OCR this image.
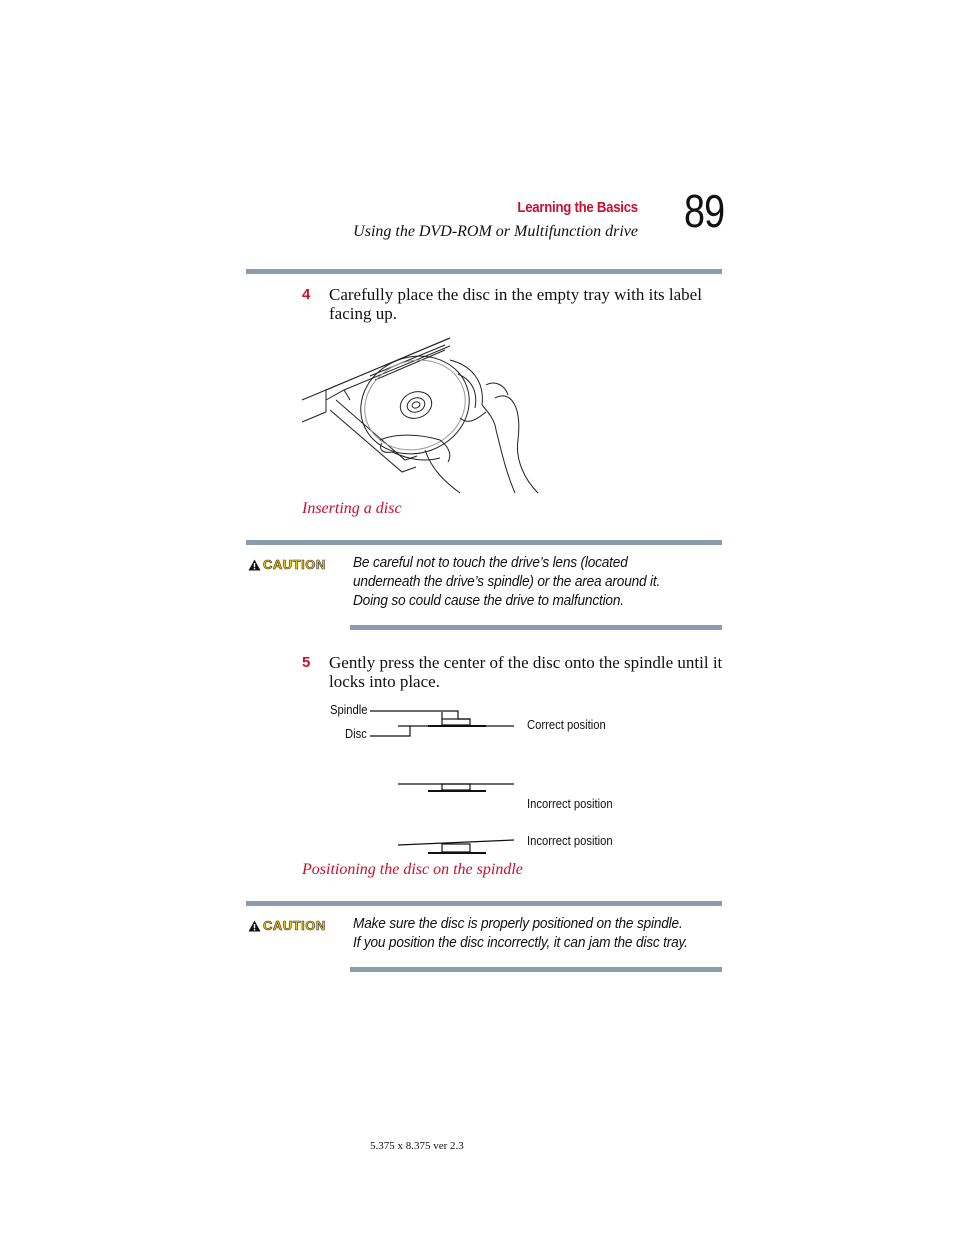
Learning the Basics
Using the DVD-ROM or Multifunction drive 89
4 Carefully place the disc in the empty tray with its label facing up.
Inserting a disc
CAUTION Be careful not to touch the drive’s lens (located underneath the drive’s spindle) or the area around it. Doing so could cause the drive to malfunction.
5 Gently press the center of the disc onto the spindle until it locks into place.
Spindle
Disc
Correct position
Incorrect position
Incorrect position
Positioning the disc on the spindle
CAUTION Make sure the disc is properly positioned on the spindle. If you position the disc incorrectly, it can jam the disc tray.
5.375 x 8.375 ver 2.3
